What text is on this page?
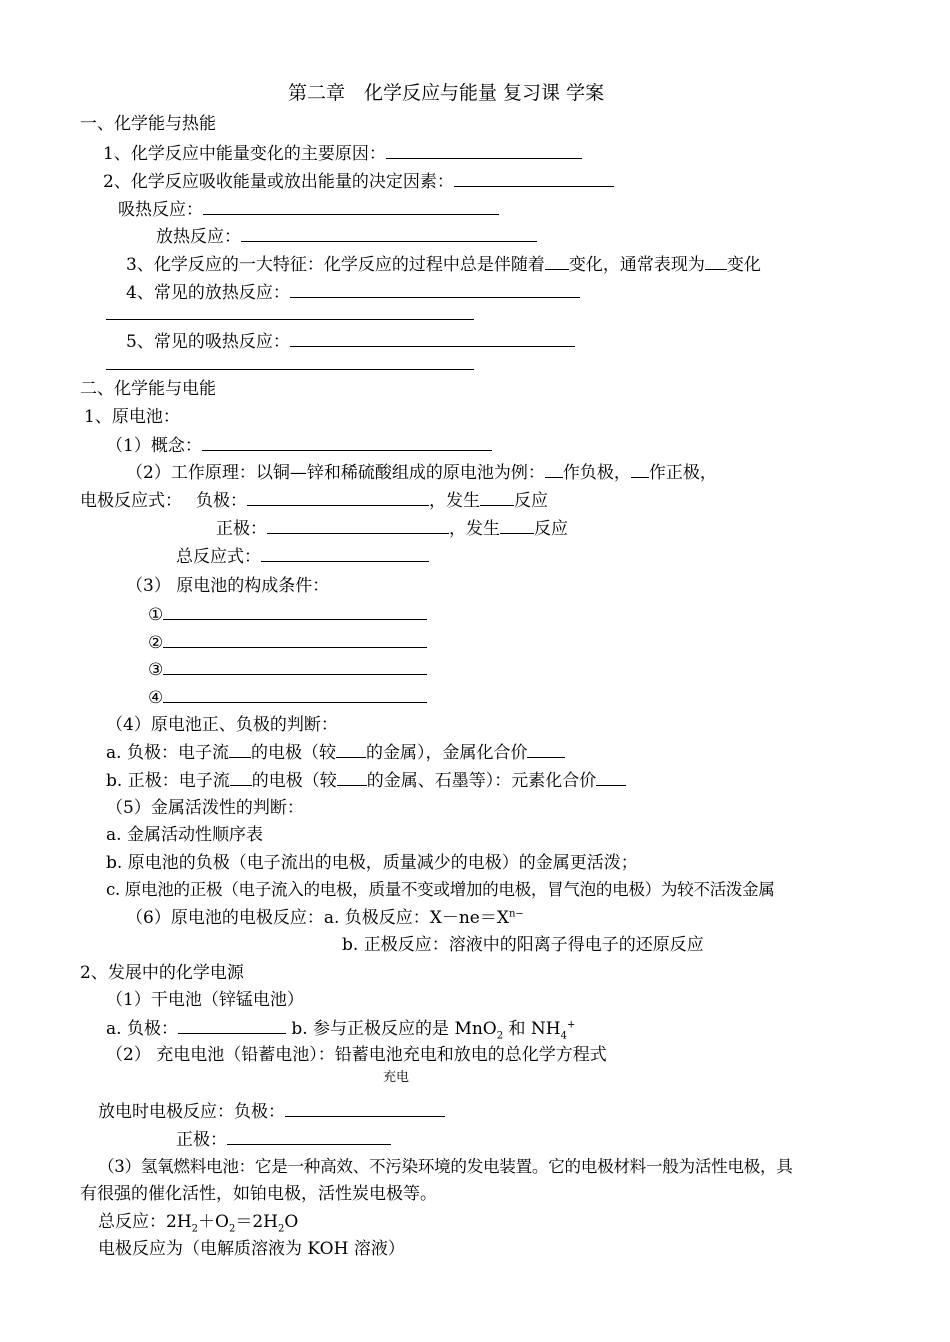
第二章　化学反应与能量 复习课 学案
一、化学能与热能
1、化学反应中能量变化的主要原因：
2、化学反应吸收能量或放出能量的决定因素：
吸热反应：
放热反应：
3、化学反应的一大特征：化学反应的过程中总是伴随着 变化，通常表现为 变化
4、常见的放热反应：
5、常见的吸热反应：
二、化学能与电能
1、原电池：
（1）概念：
（2）工作原理：以铜—锌和稀硫酸组成的原电池为例： 作负极， 作正极，
电极反应式： 负极：	，发生 反应
正极：	，发生 反应
总反应式：
（3） 原电池的构成条件：
①
②
③
④
（4）原电池正、负极的判断：
a. 负极：电子流 的电极（较 的金属），金属化合价
b. 正极：电子流 的电极（较 的金属、石墨等）：元素化合价
（5）金属活泼性的判断：
a. 金属活动性顺序表
b. 原电池的负极（电子流出的电极，质量减少的电极）的金属更活泼；
c. 原电池的正极（电子流入的电极，质量不变或增加的电极，冒气泡的电极）为较不活泼金属
（6）原电池的电极反应：a. 负极反应：$X-ne=X^{n-}$
b. 正极反应：溶液中的阳离子得电子的还原反应
2、发展中的化学电源
（1）干电池（锌锰电池）
a. 负极：	b. 参与正极反应的是 MnO$_2$ 和 $NH_4^+$
（2） 充电电池（铅蓄电池）：铅蓄电池充电和放电的总化学方程式
充电
放电时电极反应：负极：
正极：
（3）氢氧燃料电池：它是一种高效、不污染环境的发电装置。它的电极材料一般为活性电极，具
有很强的催化活性，如铂电极，活性炭电极等。
总反应：$2H_2+O_2=2H_2O$
电极反应为（电解质溶液为 KOH 溶液）
